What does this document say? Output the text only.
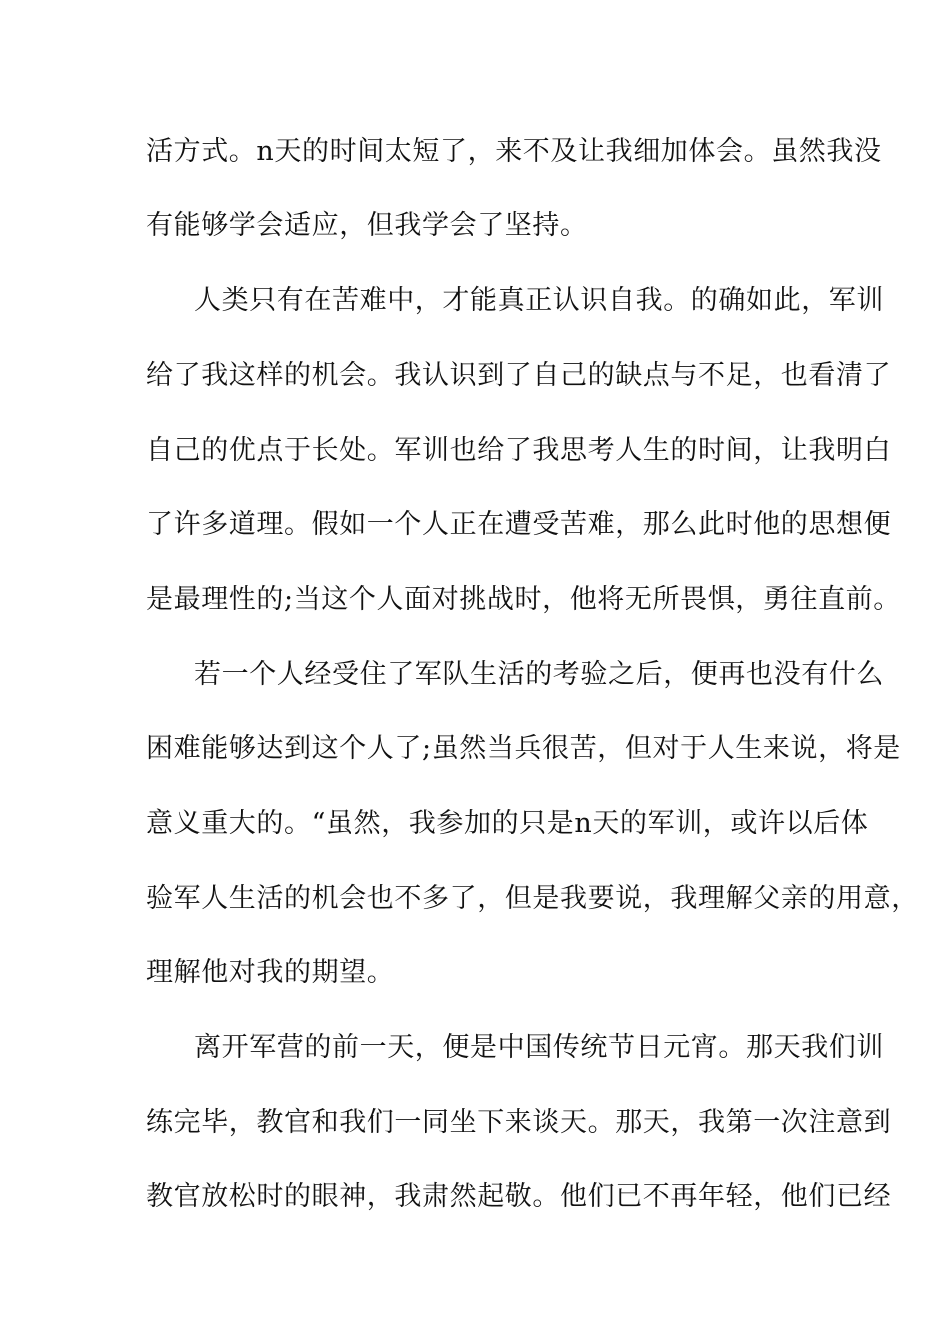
活方式。n天的时间太短了，来不及让我细加体会。虽然我没
有能够学会适应，但我学会了坚持。
人类只有在苦难中，才能真正认识自我。的确如此，军训
给了我这样的机会。我认识到了自己的缺点与不足，也看清了
自己的优点于长处。军训也给了我思考人生的时间，让我明白
了许多道理。假如一个人正在遭受苦难，那么此时他的思想便
是最理性的;当这个人面对挑战时，他将无所畏惧，勇往直前。
若一个人经受住了军队生活的考验之后，便再也没有什么
困难能够达到这个人了;虽然当兵很苦，但对于人生来说，将是
意义重大的。“虽然，我参加的只是n天的军训，或许以后体
验军人生活的机会也不多了，但是我要说，我理解父亲的用意，
理解他对我的期望。
离开军营的前一天，便是中国传统节日元宵。那天我们训
练完毕，教官和我们一同坐下来谈天。那天，我第一次注意到
教官放松时的眼神，我肃然起敬。他们已不再年轻，他们已经
